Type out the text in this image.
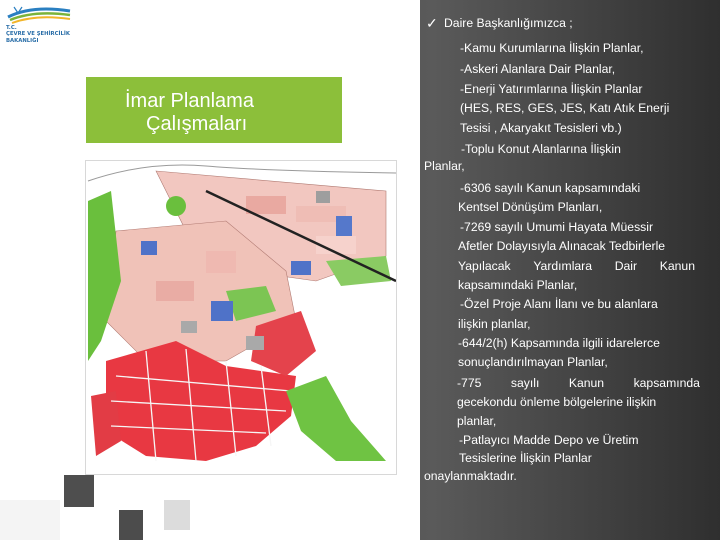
T.C.
ÇEVRE VE ŞEHİRCİLİK
BAKANLIĞI
İmar Planlama
Çalışmaları
✓ Daire Başkanlığımızca ;
-Kamu Kurumlarına İlişkin Planlar,
-Askeri Alanlara Dair Planlar,
-Enerji Yatırımlarına İlişkin Planlar
(HES, RES, GES, JES, Katı Atık Enerji
Tesisi , Akaryakıt Tesisleri vb.)
-Toplu Konut Alanlarına İlişkin
Planlar,
-6306 sayılı Kanun kapsamındaki
Kentsel Dönüşüm Planları,
-7269 sayılı Umumi Hayata Müessir
Afetler Dolayısıyla Alınacak Tedbirlerle
Yapılacak Yardımlara Dair Kanun
kapsamındaki Planlar,
-Özel Proje Alanı İlanı ve bu alanlara
ilişkin planlar,
-644/2(h) Kapsamında ilgili idarelerce
sonuçlandırılmayan Planlar,
-775 sayılı Kanun kapsamında
gecekondu önleme bölgelerine ilişkin
planlar,
-Patlayıcı Madde Depo ve Üretim
Tesislerine İlişkin Planlar
onaylanmaktadır.
